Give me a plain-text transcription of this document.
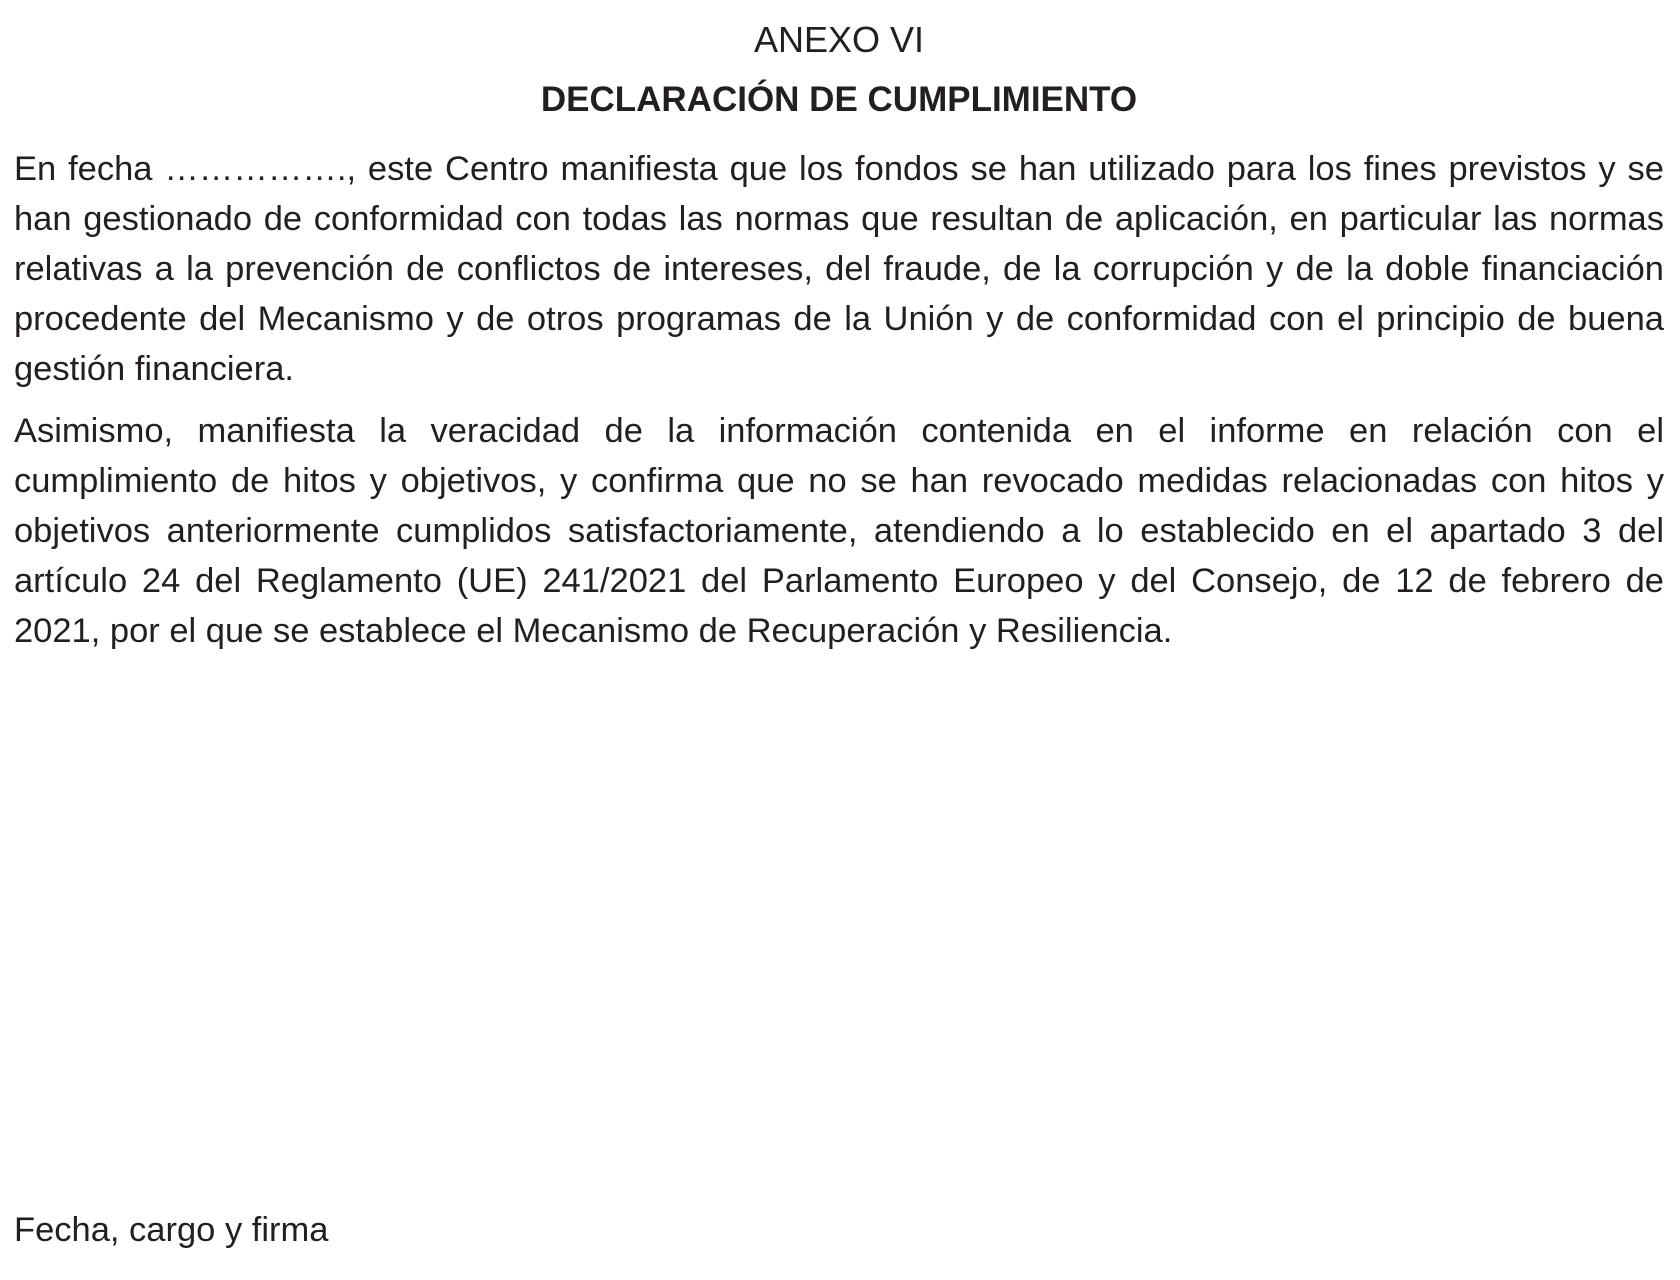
ANEXO VI
DECLARACIÓN DE CUMPLIMIENTO

En fecha ……………., este Centro manifiesta que los fondos se han utilizado para los fines previstos y se han gestionado de conformidad con todas las normas que resultan de aplicación, en particular las normas relativas a la prevención de conflictos de intereses, del fraude, de la corrupción y de la doble financiación procedente del Mecanismo y de otros programas de la Unión y de conformidad con el principio de buena gestión financiera.

Asimismo, manifiesta la veracidad de la información contenida en el informe en relación con el cumplimiento de hitos y objetivos, y confirma que no se han revocado medidas relacionadas con hitos y objetivos anteriormente cumplidos satisfactoriamente, atendiendo a lo establecido en el apartado 3 del artículo 24 del Reglamento (UE) 241/2021 del Parlamento Europeo y del Consejo, de 12 de febrero de 2021, por el que se establece el Mecanismo de Recuperación y Resiliencia.

Fecha, cargo y firma
